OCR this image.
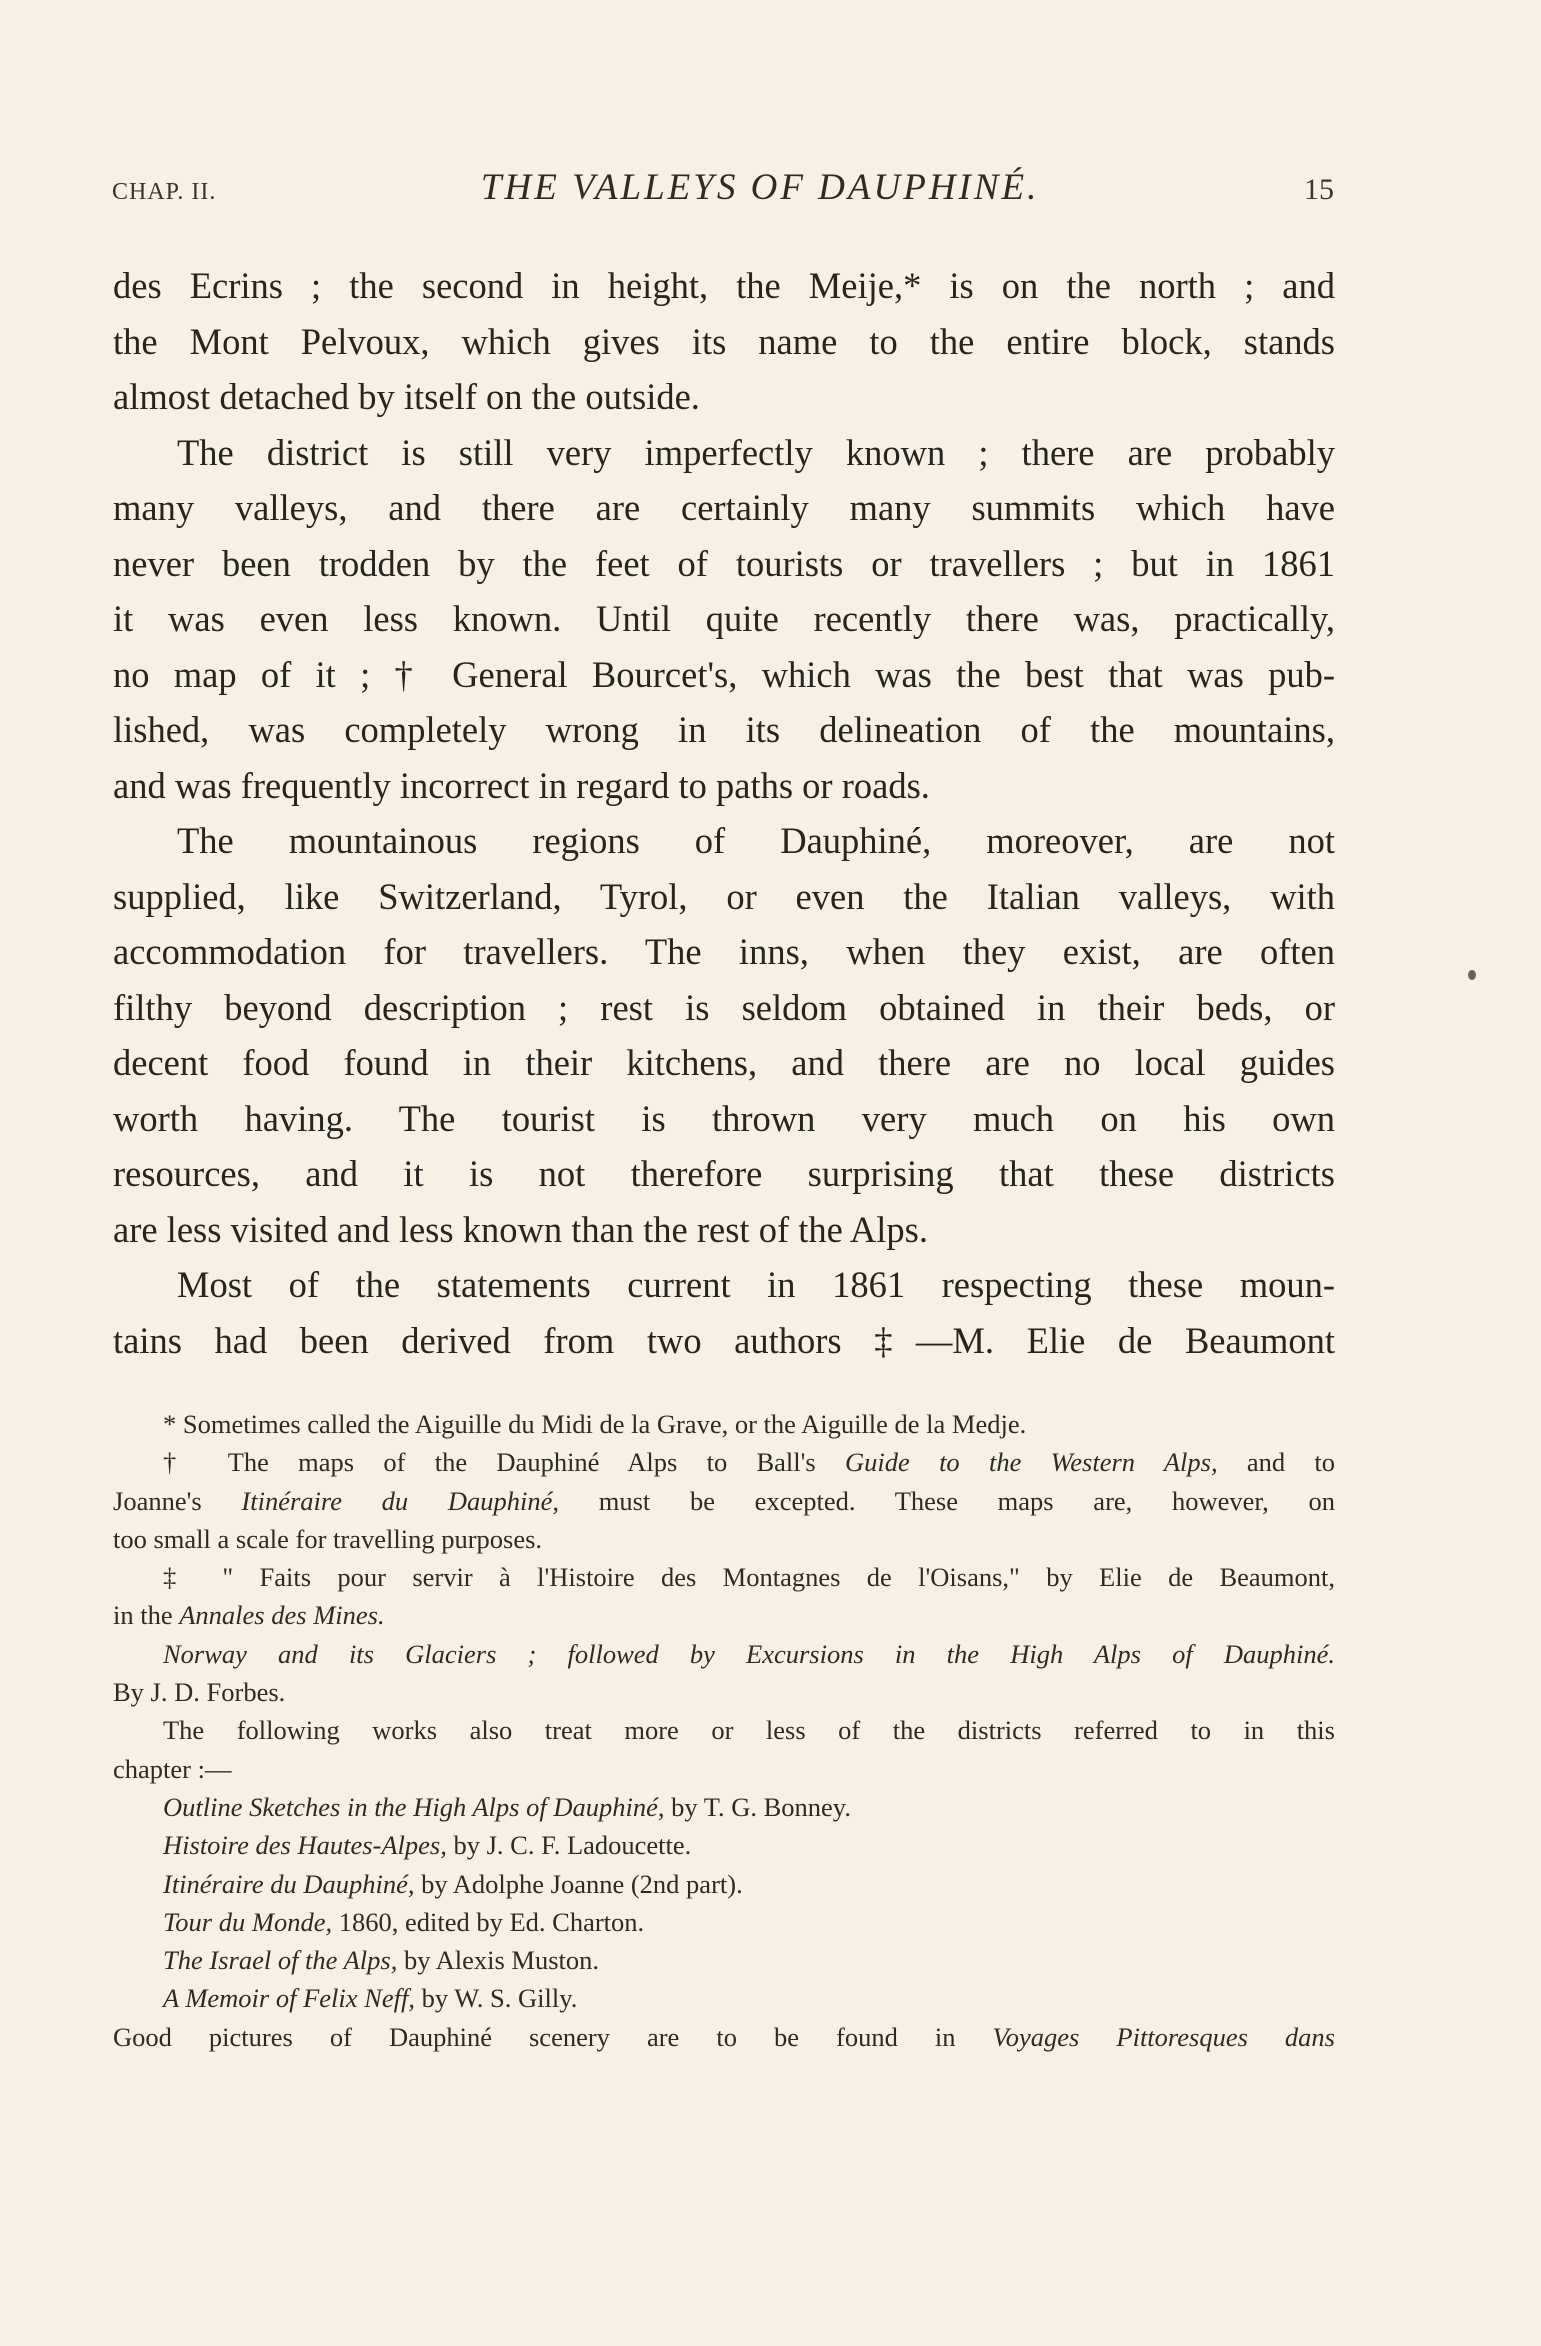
CHAP. II.	THE VALLEYS OF DAUPHINÉ.	15
des Ecrins ; the second in height, the Meije,* is on the north ; and
the Mont Pelvoux, which gives its name to the entire block, stands
almost detached by itself on the outside.
The district is still very imperfectly known ; there are probably
many valleys, and there are certainly many summits which have
never been trodden by the feet of tourists or travellers ; but in 1861
it was even less known. Until quite recently there was, practically,
no map of it ; † General Bourcet's, which was the best that was pub-
lished, was completely wrong in its delineation of the mountains,
and was frequently incorrect in regard to paths or roads.
The mountainous regions of Dauphiné, moreover, are not
supplied, like Switzerland, Tyrol, or even the Italian valleys, with
accommodation for travellers. The inns, when they exist, are often
filthy beyond description ; rest is seldom obtained in their beds, or
decent food found in their kitchens, and there are no local guides
worth having. The tourist is thrown very much on his own
resources, and it is not therefore surprising that these districts
are less visited and less known than the rest of the Alps.
Most of the statements current in 1861 respecting these moun-
tains had been derived from two authors ‡—M. Elie de Beaumont
* Sometimes called the Aiguille du Midi de la Grave, or the Aiguille de la Medje.
† The maps of the Dauphiné Alps to Ball's Guide to the Western Alps, and to
Joanne's Itinéraire du Dauphiné, must be excepted. These maps are, however, on
too small a scale for travelling purposes.
‡ " Faits pour servir à l'Histoire des Montagnes de l'Oisans," by Elie de Beaumont,
in the Annales des Mines.
Norway and its Glaciers ; followed by Excursions in the High Alps of Dauphiné.
By J. D. Forbes.
The following works also treat more or less of the districts referred to in this
chapter :—
Outline Sketches in the High Alps of Dauphiné, by T. G. Bonney.
Histoire des Hautes-Alpes, by J. C. F. Ladoucette.
Itinéraire du Dauphiné, by Adolphe Joanne (2nd part).
Tour du Monde, 1860, edited by Ed. Charton.
The Israel of the Alps, by Alexis Muston.
A Memoir of Felix Neff, by W. S. Gilly.
Good pictures of Dauphiné scenery are to be found in Voyages Pittoresques dans
